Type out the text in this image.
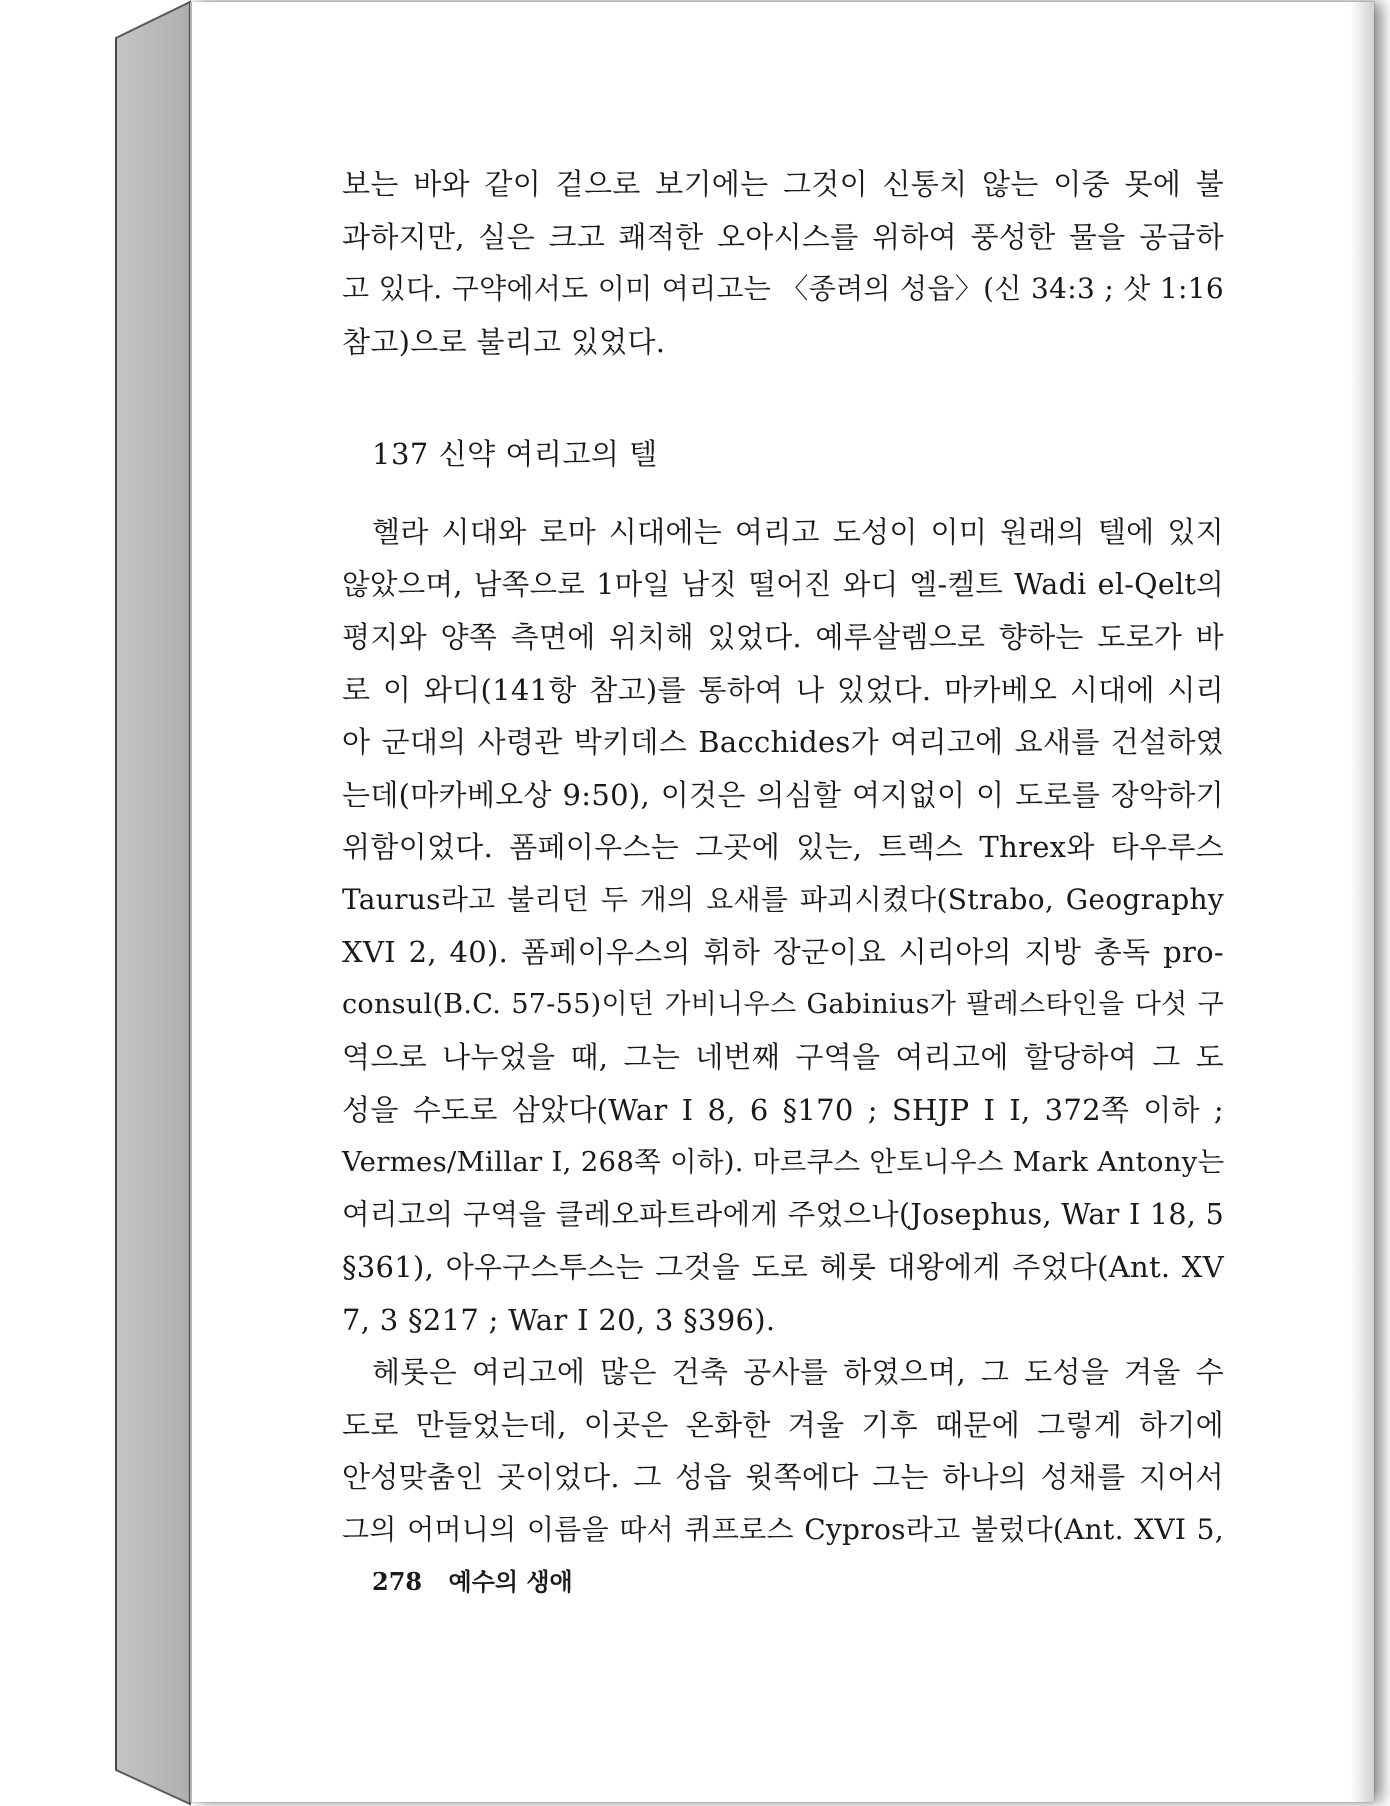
보는 바와 같이 겉으로 보기에는 그것이 신통치 않는 이중 못에 불
과하지만, 실은 크고 쾌적한 오아시스를 위하여 풍성한 물을 공급하
고 있다. 구약에서도 이미 여리고는 〈종려의 성읍〉(신 34:3 ; 삿 1:16
참고)으로 불리고 있었다.
137 신약 여리고의 텔
헬라 시대와 로마 시대에는 여리고 도성이 이미 원래의 텔에 있지
않았으며, 남쪽으로 1마일 남짓 떨어진 와디 엘-켈트 Wadi el-Qelt의
평지와 양쪽 측면에 위치해 있었다. 예루살렘으로 향하는 도로가 바
로 이 와디(141항 참고)를 통하여 나 있었다. 마카베오 시대에 시리
아 군대의 사령관 박키데스 Bacchides가 여리고에 요새를 건설하였
는데(마카베오상 9:50), 이것은 의심할 여지없이 이 도로를 장악하기
위함이었다. 폼페이우스는 그곳에 있는, 트렉스 Threx와 타우루스
Taurus라고 불리던 두 개의 요새를 파괴시켰다(Strabo, Geography
XVI 2, 40). 폼페이우스의 휘하 장군이요 시리아의 지방 총독 pro-
consul(B.C. 57-55)이던 가비니우스 Gabinius가 팔레스타인을 다섯 구
역으로 나누었을 때, 그는 네번째 구역을 여리고에 할당하여 그 도
성을 수도로 삼았다(War I 8, 6 §170 ; SHJP I I, 372쪽 이하 ;
Vermes/Millar I, 268쪽 이하). 마르쿠스 안토니우스 Mark Antony는
여리고의 구역을 클레오파트라에게 주었으나(Josephus, War I 18, 5
§361), 아우구스투스는 그것을 도로 헤롯 대왕에게 주었다(Ant. XV
7, 3 §217 ; War I 20, 3 §396).
헤롯은 여리고에 많은 건축 공사를 하였으며, 그 도성을 겨울 수
도로 만들었는데, 이곳은 온화한 겨울 기후 때문에 그렇게 하기에
안성맞춤인 곳이었다. 그 성읍 윗쪽에다 그는 하나의 성채를 지어서
그의 어머니의 이름을 따서 퀴프로스 Cypros라고 불렀다(Ant. XVI 5,
278 예수의 생애
